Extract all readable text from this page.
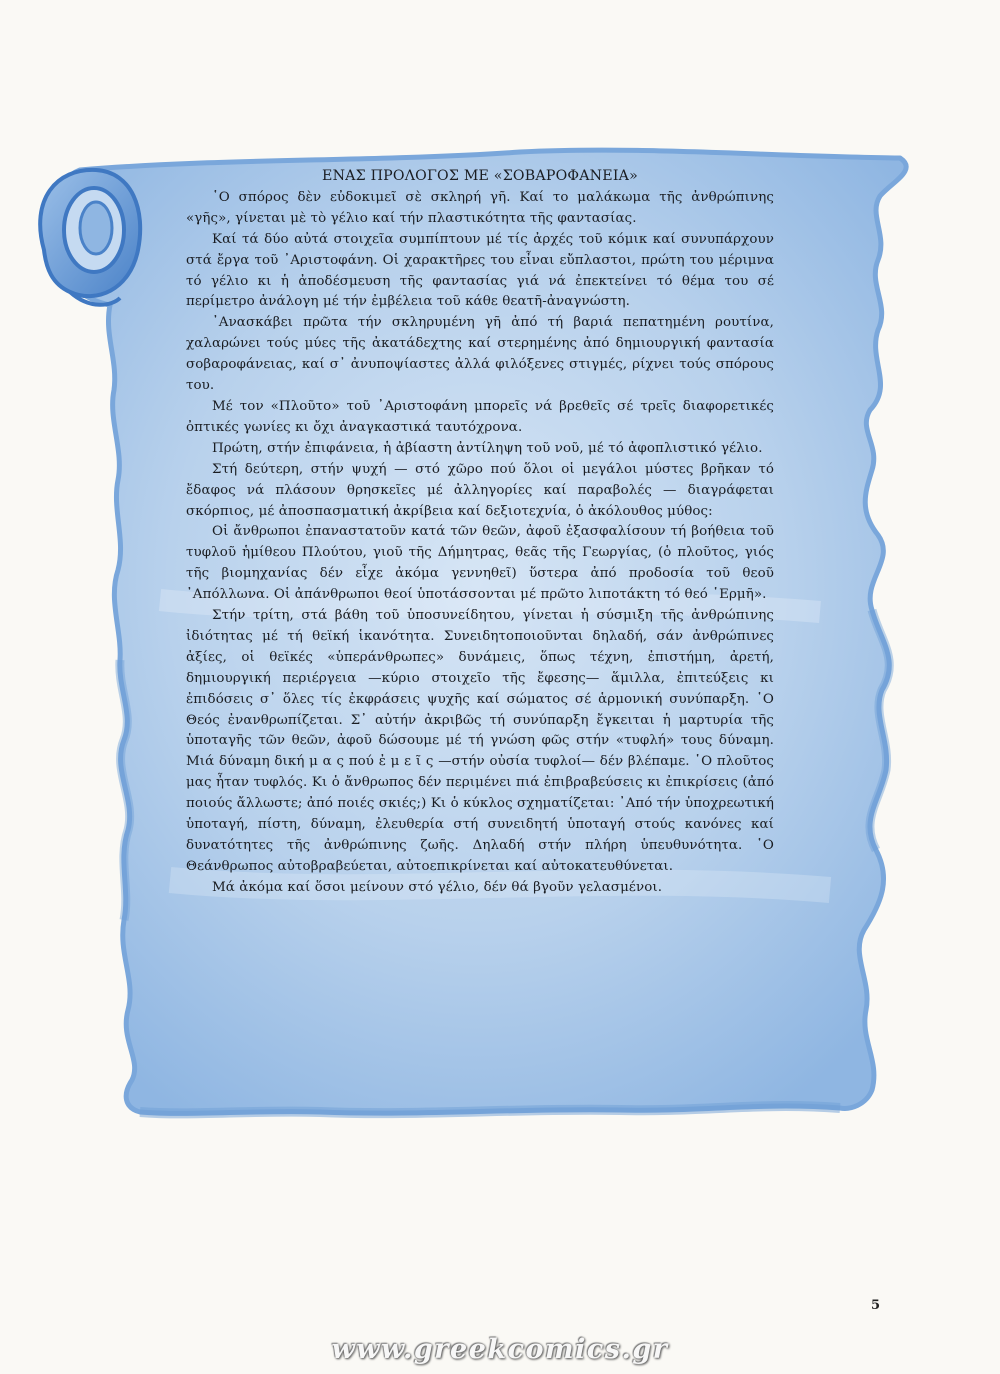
ΕΝΑΣ ΠΡΟΛΟΓΟΣ ΜΕ «ΣΟΒΑΡΟΦΑΝΕΙΑ»

῾Ο σπόρος δὲν εὐδοκιμεῖ σὲ σκληρή γῆ. Καί το μαλάκωμα τῆς ἀνθρώπινης «γῆς», γίνεται μὲ τὸ γέλιο καί τήν πλαστικότητα τῆς φαντασίας.

Καί τά δύο αὐτά στοιχεῖα συμπίπτουν μέ τίς ἀρχές τοῦ κόμικ καί συνυπάρχουν στά ἔργα τοῦ ᾿Αριστοφάνη. Οἱ χαρακτῆρες του εἶναι εὔπλαστοι, πρώτη του μέριμνα τό γέλιο κι ἡ ἀποδέσμευση τῆς φαντασίας γιά νά ἐπεκτείνει τό θέμα του σέ περίμετρο ἀνάλογη μέ τήν ἐμβέλεια τοῦ κάθε θεατῆ-ἀναγνώστη.

᾿Ανασκάβει πρῶτα τήν σκληρυμένη γῆ ἀπό τή βαριά πεπατημένη ρουτίνα, χαλαρώνει τούς μύες τῆς ἀκατάδεχτης καί στερημένης ἀπό δημιουργική φαντασία σοβαροφάνειας, καί σ᾿ ἀνυποψίαστες ἀλλά φιλόξενες στιγμές, ρίχνει τούς σπόρους του.

Μέ τον «Πλοῦτο» τοῦ ᾿Αριστοφάνη μπορεῖς νά βρεθεῖς σέ τρεῖς διαφορετικές ὀπτικές γωνίες κι ὄχι ἀναγκαστικά ταυτόχρονα.

Πρώτη, στήν ἐπιφάνεια, ἡ ἀβίαστη ἀντίληψη τοῦ νοῦ, μέ τό ἀφοπλιστικό γέλιο.

Στή δεύτερη, στήν ψυχή — στό χῶρο πού ὅλοι οἱ μεγάλοι μύστες βρῆκαν τό ἔδαφος νά πλάσουν θρησκεῖες μέ ἀλληγορίες καί παραβολές — διαγράφεται σκόρπιος, μέ ἀποσπασματική ἀκρίβεια καί δεξιοτεχνία, ὁ ἀκόλουθος μύθος:

Οἱ ἄνθρωποι ἐπαναστατοῦν κατά τῶν θεῶν, ἀφοῦ ἐξασφαλίσουν τή βοήθεια τοῦ τυφλοῦ ἡμίθεου Πλούτου, γιοῦ τῆς Δήμητρας, θεᾶς τῆς Γεωργίας, (ὁ πλοῦτος, γιός τῆς βιομηχανίας δέν εἶχε ἀκόμα γεννηθεῖ) ὕστερα ἀπό προδοσία τοῦ θεοῦ ᾿Απόλλωνα. Οἱ ἀπάνθρωποι θεοί ὑποτάσσονται μέ πρῶτο λιποτάκτη τό θεό ῾Ερμῆ».

Στήν τρίτη, στά βάθη τοῦ ὑποσυνείδητου, γίνεται ἡ σύσμιξη τῆς ἀνθρώπινης ἰδιότητας μέ τή θεϊκή ἱκανότητα. Συνειδητοποιοῦνται δηλαδή, σάν ἀνθρώπινες ἀξίες, οἱ θεϊκές «ὑπεράνθρωπες» δυνάμεις, ὅπως τέχνη, ἐπιστήμη, ἀρετή, δημιουργική περιέργεια —κύριο στοιχεῖο τῆς ἔφεσης— ἅμιλλα, ἐπιτεύξεις κι ἐπιδόσεις σ᾿ ὅλες τίς ἐκφράσεις ψυχῆς καί σώματος σέ ἁρμονική συνύπαρξη. ῾Ο Θεός ἐνανθρωπίζεται. Σ᾿ αὐτήν ἀκριβῶς τή συνύπαρξη ἔγκειται ἡ μαρτυρία τῆς ὑποταγῆς τῶν θεῶν, ἀφοῦ δώσουμε μέ τή γνώση φῶς στήν «τυφλή» τους δύναμη. Μιά δύναμη δική μ α ς πού ἐ μ ε ῖ ς —στήν οὐσία τυφλοί— δέν βλέπαμε. ῾Ο πλοῦτος μας ἦταν τυφλός. Κι ὁ ἄνθρωπος δέν περιμένει πιά ἐπιβραβεύσεις κι ἐπικρίσεις (ἀπό ποιούς ἄλλωστε; ἀπό ποιές σκιές;) Κι ὁ κύκλος σχηματίζεται: ᾿Από τήν ὑποχρεωτική ὑποταγή, πίστη, δύναμη, ἐλευθερία στή συνειδητή ὑποταγή στούς κανόνες καί δυνατότητες τῆς ἀνθρώπινης ζωῆς. Δηλαδή στήν πλήρη ὑπευθυνότητα. ῾Ο Θεάνθρωπος αὐτοβραβεύεται, αὐτοεπικρίνεται καί αὐτοκατευθύνεται.

Μά ἀκόμα καί ὅσοι μείνουν στό γέλιο, δέν θά βγοῦν γελασμένοι.

5
www.greekcomics.gr
